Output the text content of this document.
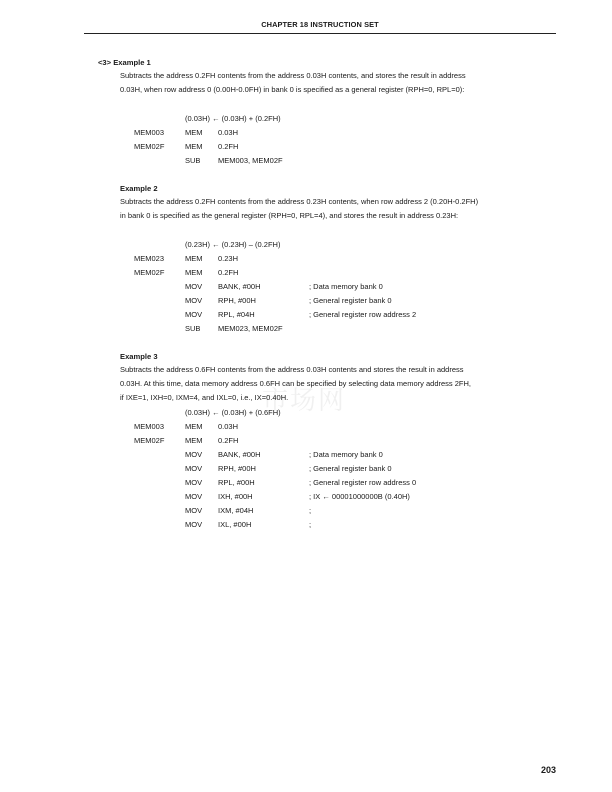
CHAPTER 18 INSTRUCTION SET
市场网
<3> Example 1
Subtracts the address 0.2FH contents from the address 0.03H contents, and stores the result in address
0.03H, when row address 0 (0.00H-0.0FH) in bank 0 is specified as a general register (RPH=0, RPL=0):
(0.03H) ← (0.03H) + (0.2FH)
MEM003	MEM 0.03H
MEM02F	MEM 0.2FH
SUB MEM003, MEM02F
Example 2
Subtracts the address 0.2FH contents from the address 0.23H contents, when row address 2 (0.20H-0.2FH)
in bank 0 is specified as the general register (RPH=0, RPL=4), and stores the result in address 0.23H:
(0.23H) ← (0.23H) – (0.2FH)
MEM023	MEM 0.23H
MEM02F	MEM 0.2FH
MOV BANK, #00H	; Data memory bank 0
MOV RPH, #00H	; General register bank 0
MOV RPL, #04H	; General register row address 2
SUB MEM023, MEM02F
Example 3
Subtracts the address 0.6FH contents from the address 0.03H contents and stores the result in address
0.03H. At this time, data memory address 0.6FH can be specified by selecting data memory address 2FH,
if IXE=1, IXH=0, IXM=4, and IXL=0, i.e., IX=0.40H.
(0.03H) ← (0.03H) + (0.6FH)
MEM003	MEM 0.03H
MEM02F	MEM 0.2FH
MOV BANK, #00H	; Data memory bank 0
MOV RPH, #00H	; General register bank 0
MOV RPL, #00H	; General register row address 0
MOV IXH, #00H	; IX ← 00001000000B (0.40H)
MOV IXM, #04H	;
MOV IXL, #00H	;
203
